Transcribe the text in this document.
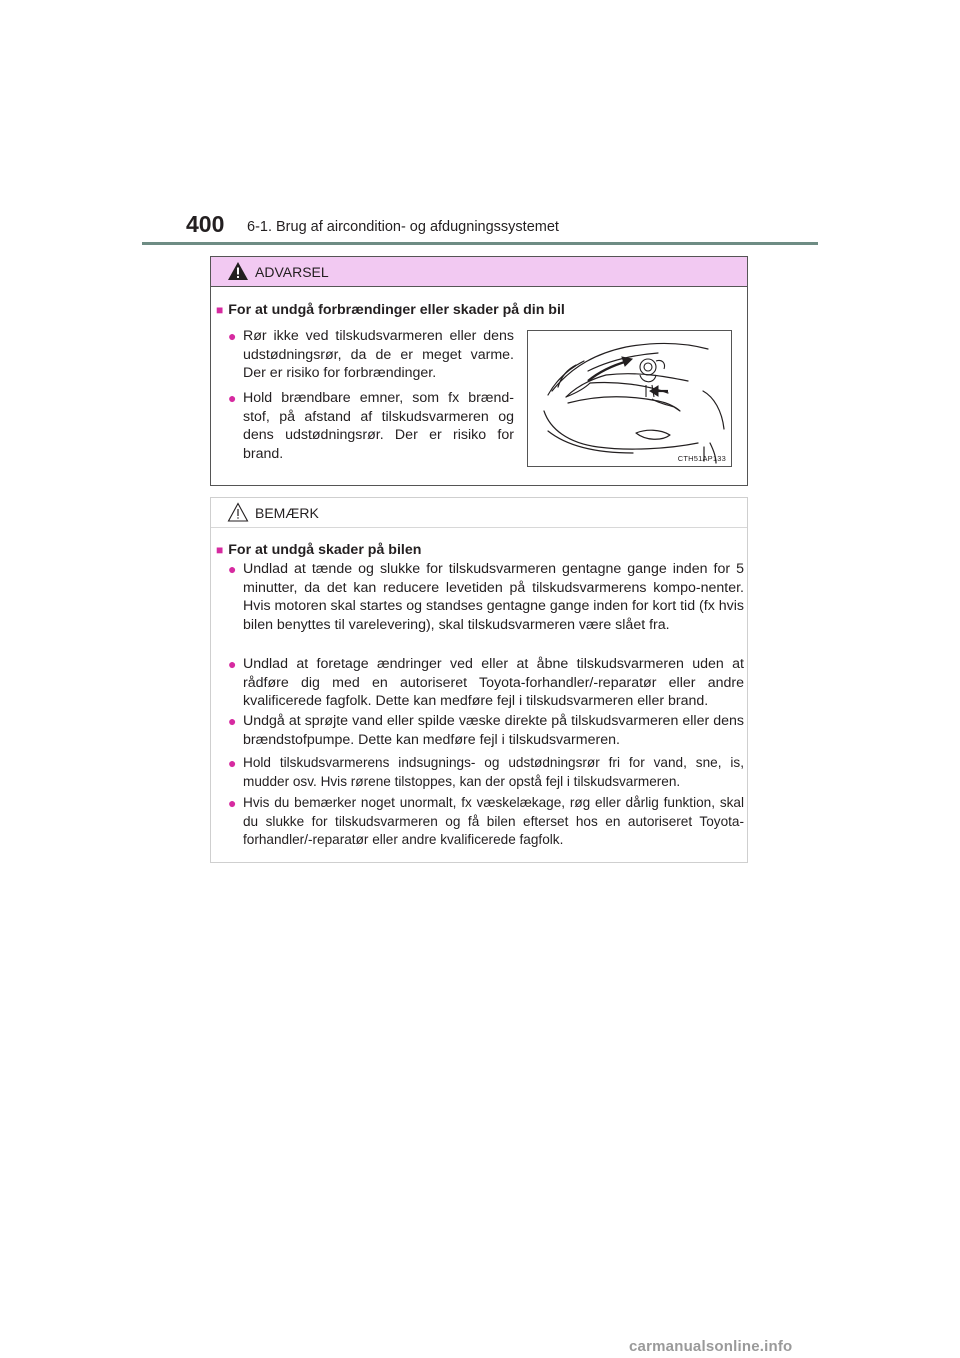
400 6-1. Brug af aircondition- og afdugningssystemet
ADVARSEL
■ For at undgå forbrændinger eller skader på din bil
● Rør ikke ved tilskudsvarmeren eller dens udstødningsrør, da de er meget varme. Der er risiko for forbrændinger.
● Hold brændbare emner, som fx brænd-stof, på afstand af tilskudsvarmeren og dens udstødningsrør. Der er risiko for brand.	CTH51AP133
BEMÆRK
■ For at undgå skader på bilen
● Undlad at tænde og slukke for tilskudsvarmeren gentagne gange inden for 5 minutter, da det kan reducere levetiden på tilskudsvarmerens kompo-nenter. Hvis motoren skal startes og standses gentagne gange inden for kort tid (fx hvis bilen benyttes til varelevering), skal tilskudsvarmeren være slået fra.
● Undlad at foretage ændringer ved eller at åbne tilskudsvarmeren uden at rådføre dig med en autoriseret Toyota-forhandler/-reparatør eller andre kvalificerede fagfolk. Dette kan medføre fejl i tilskudsvarmeren eller brand.
● Undgå at sprøjte vand eller spilde væske direkte på tilskudsvarmeren eller dens brændstofpumpe. Dette kan medføre fejl i tilskudsvarmeren.
● Hold tilskudsvarmerens indsugnings- og udstødningsrør fri for vand, sne, is, mudder osv. Hvis rørene tilstoppes, kan der opstå fejl i tilskudsvarmeren.
● Hvis du bemærker noget unormalt, fx væskelækage, røg eller dårlig funktion, skal du slukke for tilskudsvarmeren og få bilen efterset hos en autoriseret Toyota-forhandler/-reparatør eller andre kvalificerede fagfolk.
carmanualsonline.info
